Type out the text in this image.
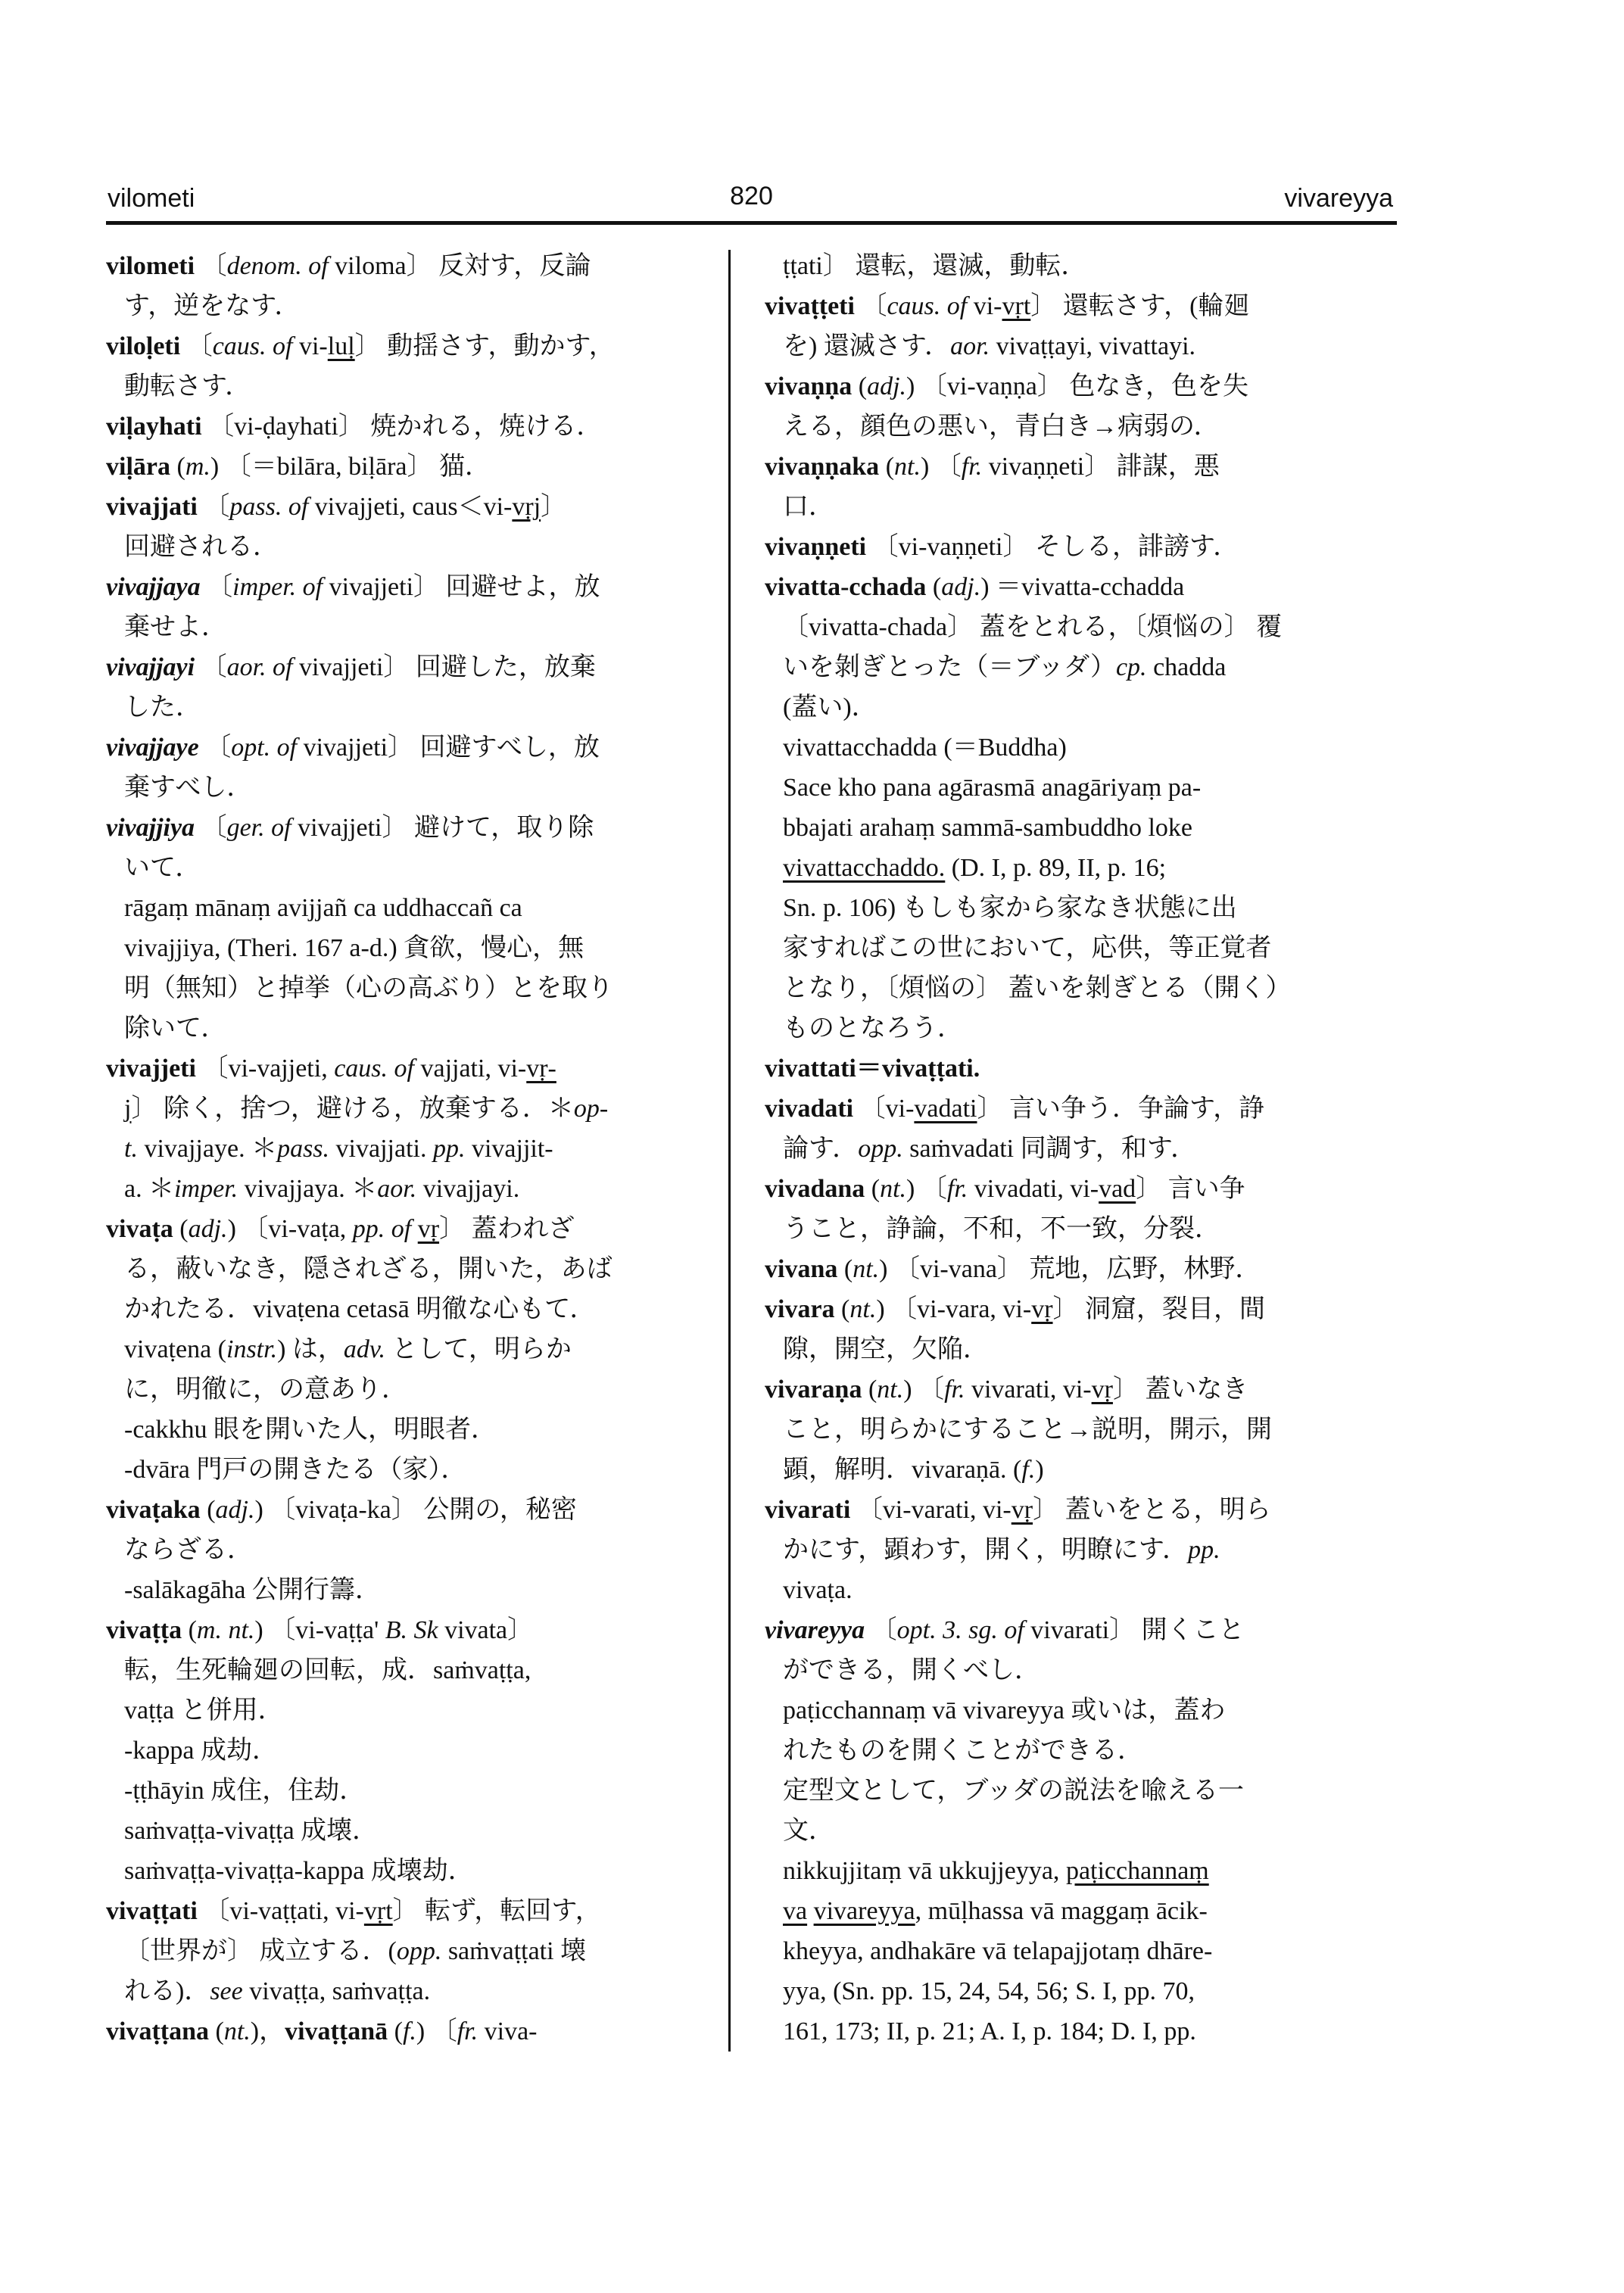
vilometi	820	vivareyya
vilometi 〔denom. of viloma〕 反対す，反論
す，逆をなす．
viloḷeti 〔caus. of vi-luḷ〕 動揺さす，動かす，
動転さす．
viḷayhati 〔vi-ḍayhati〕 焼かれる，焼ける．
viḷāra (m.) 〔＝bilāra, biḷāra〕 猫．
vivajjati 〔pass. of vivajjeti, caus＜vi-vṛj〕
回避される．
vivajjaya 〔imper. of vivajjeti〕 回避せよ，放
棄せよ．
vivajjayi 〔aor. of vivajjeti〕 回避した，放棄
した．
vivajjaye 〔opt. of vivajjeti〕 回避すべし，放
棄すべし．
vivajjiya 〔ger. of vivajjeti〕 避けて，取り除
いて．
rāgaṃ mānaṃ avijjañ ca uddhaccañ ca
vivajjiya, (Theri. 167 a-d.) 貪欲，慢心，無
明（無知）と掉挙（心の高ぶり）とを取り
除いて．
vivajjeti 〔vi-vajjeti, caus. of vajjati, vi-vṛ-
j〕 除く，捨つ，避ける，放棄する．＊op-
t. vivajjaye. ＊pass. vivajjati. pp. vivajjit-
a. ＊imper. vivajjaya. ＊aor. vivajjayi.
vivaṭa (adj.) 〔vi-vaṭa, pp. of vṛ〕 蓋われざ
る，蔽いなき，隠されざる，開いた，あば
かれたる．vivaṭena cetasā 明徹な心もて．
vivaṭena (instr.) は，adv. として，明らか
に，明徹に，の意あり．
-cakkhu 眼を開いた人，明眼者．
-dvāra 門戸の開きたる（家）．
vivaṭaka (adj.) 〔vivaṭa-ka〕 公開の，秘密
ならざる．
-salākagāha 公開行籌．
vivaṭṭa (m. nt.) 〔vi-vaṭṭa' B. Sk vivata〕
転，生死輪廻の回転，成．saṁvaṭṭa,
vaṭṭa と併用．
-kappa 成劫．
-ṭṭhāyin 成住，住劫．
saṁvaṭṭa-vivaṭṭa 成壊．
saṁvaṭṭa-vivaṭṭa-kappa 成壊劫．
vivaṭṭati 〔vi-vaṭṭati, vi-vṛt〕 転ず，転回す，
〔世界が〕 成立する．(opp. saṁvaṭṭati 壊
れる)．see vivaṭṭa, saṁvaṭṭa.
vivaṭṭana (nt.)，vivaṭṭanā (f.) 〔fr. viva-
ṭṭati〕 還転，還滅，動転．
vivaṭṭeti 〔caus. of vi-vṛt〕 還転さす，(輪廻
を) 還滅さす．aor. vivaṭṭayi, vivattayi.
vivaṇṇa (adj.) 〔vi-vaṇṇa〕 色なき，色を失
える，顔色の悪い，青白き→病弱の．
vivaṇṇaka (nt.) 〔fr. vivaṇṇeti〕 誹謀，悪
口．
vivaṇṇeti 〔vi-vaṇṇeti〕 そしる，誹謗す．
vivatta-cchada (adj.) ＝vivatta-cchadda
〔vivatta-chada〕 蓋をとれる，〔煩悩の〕 覆
いを剝ぎとった（＝ブッダ）cp. chadda
(蓋い)．
vivattacchadda (＝Buddha)
Sace kho pana agārasmā anagāriyaṃ pa-
bbajati arahaṃ sammā-sambuddho loke
vivattacchaddo. (D. I, p. 89, II, p. 16;
Sn. p. 106) もしも家から家なき状態に出
家すればこの世において，応供，等正覚者
となり，〔煩悩の〕 蓋いを剝ぎとる（開く）
ものとなろう．
vivattati＝vivaṭṭati.
vivadati 〔vi-vadati〕 言い争う．争論す，諍
論す．opp. saṁvadati 同調す，和す．
vivadana (nt.) 〔fr. vivadati, vi-vad〕 言い争
うこと，諍論，不和，不一致，分裂．
vivana (nt.) 〔vi-vana〕 荒地，広野，林野．
vivara (nt.) 〔vi-vara, vi-vṛ〕 洞窟，裂目，間
隙，開空，欠陥．
vivaraṇa (nt.) 〔fr. vivarati, vi-vṛ〕 蓋いなき
こと，明らかにすること→説明，開示，開
顕，解明．vivaraṇā. (f.)
vivarati 〔vi-varati, vi-vṛ〕 蓋いをとる，明ら
かにす，顕わす，開く，明瞭にす．pp.
vivaṭa.
vivareyya 〔opt. 3. sg. of vivarati〕 開くこと
ができる，開くべし．
paṭicchannaṃ vā vivareyya 或いは，蓋わ
れたものを開くことができる．
定型文として，ブッダの説法を喩える一
文．
nikkujjitaṃ vā ukkujjeyya, paṭicchannaṃ
va vivareyya, mūḷhassa vā maggaṃ ācik-
kheyya, andhakāre vā telapajjotaṃ dhāre-
yya, (Sn. pp. 15, 24, 54, 56; S. I, pp. 70,
161, 173; II, p. 21; A. I, p. 184; D. I, pp.
